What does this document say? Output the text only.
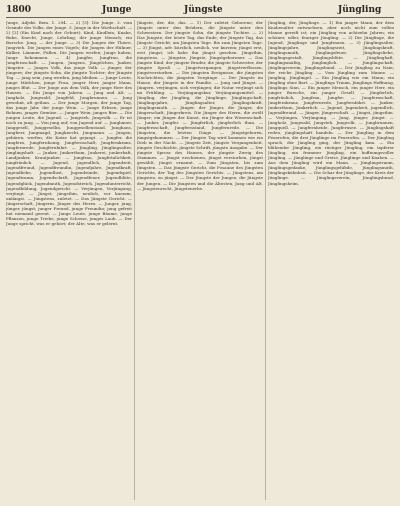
1800	Junge	Jüngste	Jüngling
Junge, Adjekt. Bem. 1. 294. — 2) [3]: Die Junge. 3. vom Gesinde des Volks, der Junge. 5. Junge in der Wirthschaft. — 2) [2] (Ein Kind nach der Geburt): Kind, Kindlein, Knabe, Bube, Knecht, Junge, Lehrling; der junge Mensch; ein Bursche. Jung. — der Junge. — 3) Die Jungen der Thiere, Jungvieh. Die Jungen eines Vogels; die Jungen der Hühner, Kälber, Lämmer, Füllen. Die Jungen werfen; Junge haben, Junge bekommen. — 4) Jungfer, Jungfrau, die Jungfernschaft. — Jungen, Jungens, Jüngelchen, Junker, Jüngster. — Junges Volk, das junge Volk. — jünger, der jüngere; der jüngste Sohn, die jüngste Tochter; der Jüngste Tag. — jung sein, jung werden, jung bleiben. — Junge Leute, junge Mädchen, junge Frau, junger Herr, junger Mann, junges Blut. — Der Junge aus dem Volk, der junge Herr des Hauses. — Ein Junge von Jahren. — Jung und Alt. — Jungholz, Jungwald, Jungfeld, Jungbrunnen. — Jung gewohnt, alt gethan. — Der junge Morgen, der junge Tag, das junge Jahr, der junge Wein. — Junge Erbsen, junge Bohnen, junges Gemüse. — Junger Wein, junges Bier. — Die jungen Leute, die Jugend. — Jungvieh, Jungvolk. — Er ist noch zu jung. — Von jung auf; von Jugend auf. — Jungbauer, Junggesell, Junggesellin, Junggesellenstand, Junghans, Jungherr, Jungmagd, Jungknecht, Jungmann. — Jungen, gebären, werfen; die Katze hat gejungt. — Jungfer, die Jungfern, Jungfernhonig, Jungfernschaft, Jungfernkranz, Jungfernrede, Jungfernfahrt. — Jüngling, Jünglingsalter, jünglingshaft. — Junker, Junkerthum, Junkerei, junkerhaft, Landjunker, Krautjunker. — Jungfrau, Jungfräulichkeit, jungfräulich. — Jugend, jugendlich, Jugendzeit, Jugendfreund, Jugendfreundin, Jugendjahre, Jugendkraft, Jugendliebe, Jugendlust, Jugendsünde, Jugendspiel, Jugendtraum, Jugendschrift, Jugendfeuer, Jugendblüte, Jugendglück, Jugendmuth, Jugendstreich, Jugendunterricht, Jugendbildung, Jugendgericht. — Verjüngen, Verjüngung, verjüngt. — Jüngst, jüngsthin, neulich, vor kurzem, unlängst. — Jüngstens, zuletzt. — Das Jüngste Gericht. — Jüngerschaft, Jüngerin, Jünger des Herrn. — Junger, jung, jünger, jüngst; junger Freund, junge Freundin; jung gefreit hat niemand gereut. — Junge Leute, junge Bäume, junge Pflanzen, junge Triebe, junge Schosse, junges Laub. — Der Junge spricht, was er gehört; der Alte, was er gelernt.
Jüngste, der, die, das. — 1) Der zuletzt Geborene; der Jüngste unter den Brüdern, die Jüngste unter den Schwestern. Der jüngste Sohn, die jüngste Tochter. — 2) Das Jüngste, der letzte Tag, das Ende; der Jüngste Tag, das Jüngste Gericht; am Jüngsten Tage. Bis zum Jüngsten Tage. — 3) Jüngst, adv. kürzlich, neulich, vor kurzem; jüngst erst, erst jüngst; ich habe ihn jüngst gesehen. Jüngsthin, jüngstens. — Jüngster, Jüngste, Jüngstgeborener. — Das jüngste Kind, der jüngste Bruder, die jüngste Schwester, der jüngste Sproß. — Jüngstvergangen, jüngstverflossen, jüngstverstorben. — Die jüngsten Ereignisse, die jüngsten Nachrichten, die jüngsten Vorgänge. — Der Jüngste im Hause, der Jüngste in der Familie. — Jung und Jüngst. — Jüngern, verjüngen, sich verjüngen; die Natur verjüngt sich im Frühling. — Verjüngungskur, Verjüngungsmittel. — Jüngling, der Jüngling, die Jünglinge, Jünglingschaft, Jünglingsjahre, Jünglingsalter, Jünglingskraft, Jünglingsmuth. — Jünger, der Jünger, die Jünger, die Jüngerschaft, Jüngerkreis. Die Jünger des Herrn, die zwölf Jünger; ein Jünger der Kunst, ein Jünger der Wissenschaft. — Junker, Jungfer. — Jüngferlich, jüngferlich thun. — Jungfernschaft, Jungfernstand, Jungfernrede. — Die Jüngsten, die letzten Dinge. — Jüngstgeboren, jüngstgekommen. — Der Jüngste Tag wird kommen wie ein Dieb in der Nacht. — Jüngste Zeit, jüngste Vergangenheit, jüngste Geschichte, jüngste Schrift, jüngste Ausgabe. — Der jüngste Spross des Hauses, der jüngste Zweig des Stammes. — Jüngst erschienen, jüngst verstorben, jüngst gewählt, jüngst ernannt. — Zum Jüngsten, bis zum Jüngsten. — Das Jüngste Gericht, die Posaune des Jüngsten Gerichts, der Tag des Jüngsten Gerichts. — Jüngstens, am jüngsten, zu jüngst. — Der Jüngste der Jungen, die Jüngste der Jungen. — Die Jüngsten und die Ältesten, Jung und Alt. — Jüngstenrecht, Jüngstenerbe.
Jüngling, der, Jünglinge. — 1) Ein junger Mann, der dem Knabenalter entwachsen, aber noch nicht zum vollen Manne gereift ist; ein Jüngling von achtzehn Jahren; ein schöner, edler, feuriger Jüngling. — 2) Die Jünglinge, die Jugend; Jünglinge und Jungfrauen. — 3) Jünglingsalter, Jünglingsjahre, Jünglingszeit, Jünglingskraft, Jünglingsmuth, Jünglingsfeuer, Jünglingsliebe, Jünglingsgestalt, Jünglingsblüte. — Jünglinghaft, jünglingsmäßig, jünglinglich. — Jünglingschaft, Jünglingsverein, Jünglingsbund. — Der Jüngling zu Nain; der reiche Jüngling. — Vom Jüngling zum Manne. — Jungling, Jünglingel. — Ein Jüngling wie ein Mann; ein Jüngling ohne Bart. — Jünglings Traum, Jünglings Hoffnung, Jünglings Sinn. — Ein junger Mensch, ein junger Herr, ein junger Bursche, ein junger Gesell. — Jüngferlich, jungfräulich, Jungfrau, Jungfer. — Jungfernschaft, Jungfernkranz, Jungfernrede, Jungfernfahrt. — Junker, Junkerthum, Junkerlich. — Jugend, Jugendzeit, jugendlich, Jugendfreund. — Jünger, Jüngerschaft. — Jüngst, jüngsthin. — Verjüngen, Verjüngung. — Jung, jünger, jüngst. — Jungholz, Jungwald, Jungvieh, Jungvolk. — Jungbrunnen, Jungquell. — Jungfernheide, Jungfernsee. — Jünglingshaft reden, jünglingshaft handeln. — Der Jüngling in dem Feuerofen; die drei Jünglinge im Feuerofen. — Der Jüngling sprach, der Jüngling ging, der Jüngling kam. — Ein blühender Jüngling, ein rüstiger Jüngling, ein tapferer Jüngling, ein frommer Jüngling, ein hoffnungsvoller Jüngling. — Jünglinge und Greise, Jünglinge und Knaben. — Aus dem Jüngling wird ein Mann. — Jünglingstraum, Jünglingsgedanke, Jünglingsgelübde, Jünglingsmuth, Jünglingskühnheit. — Die Schar der Jünglinge, der Kreis der Jünglinge. — Jünglingsverein, Jünglingsbund, Jünglingsheim.
